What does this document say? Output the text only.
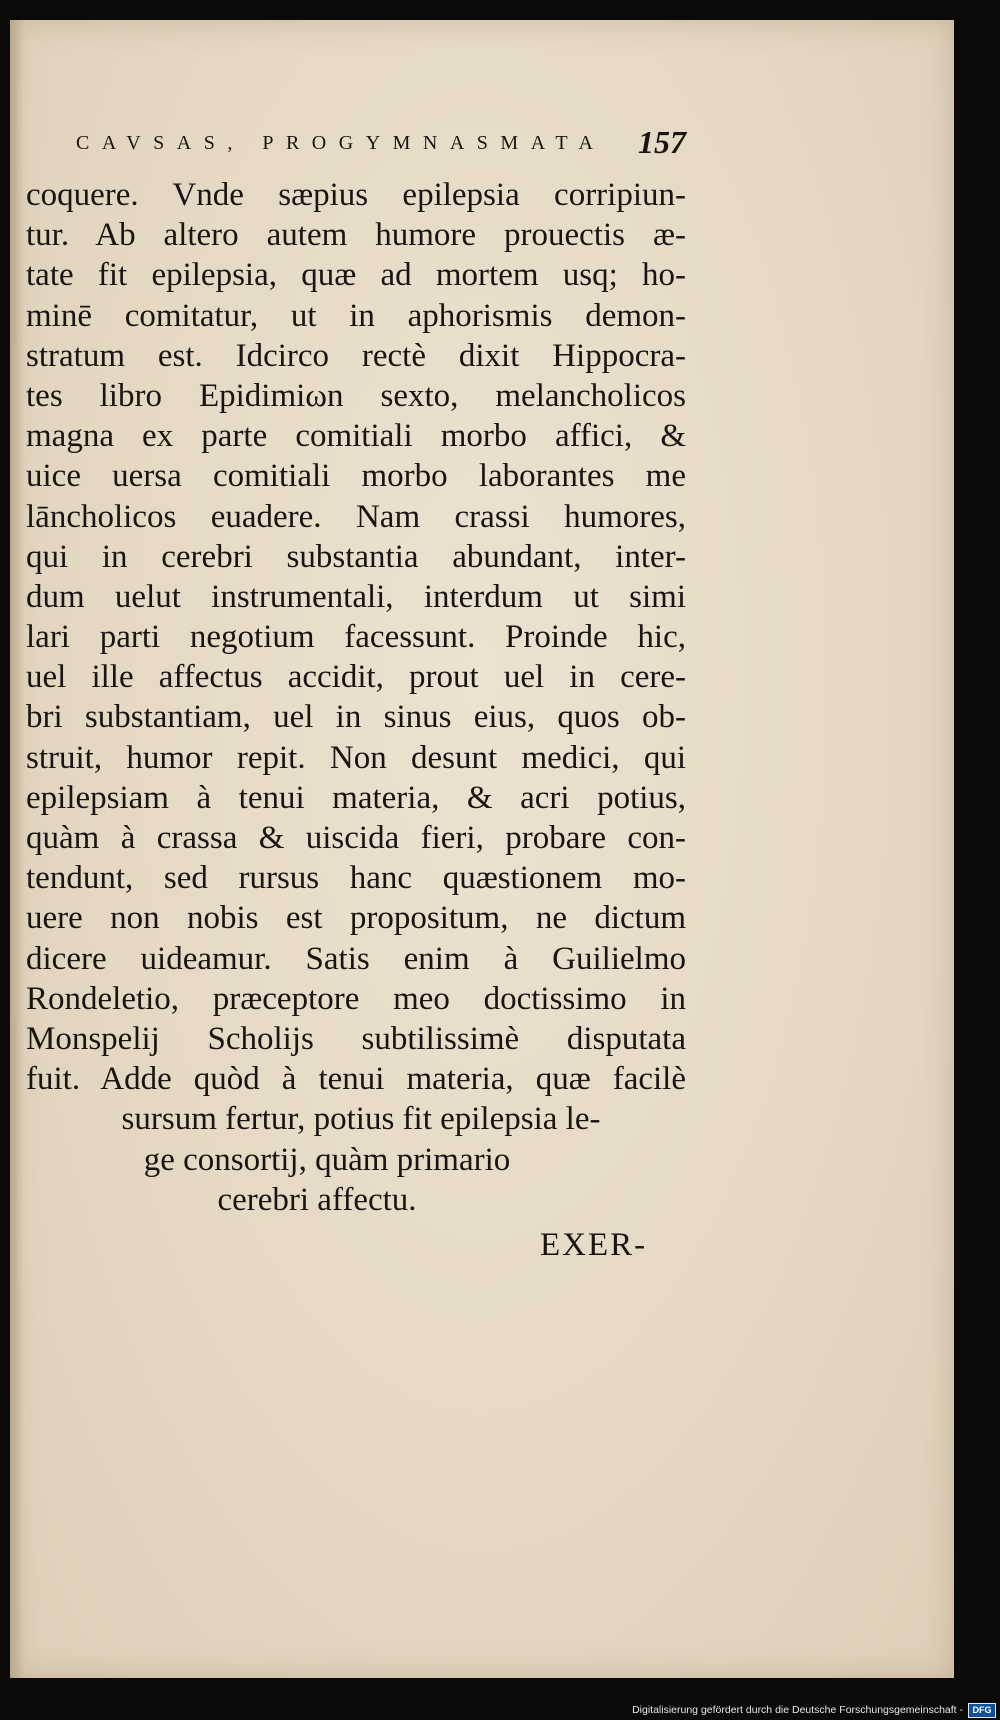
CAVSAS, PROGYMNASMATA 157
coquere. Vnde sæpius epilepsia corripiun-
tur. Ab altero autem humore prouectis æ-
tate fit epilepsia, quæ ad mortem usq; ho-
minē comitatur, ut in aphorismis demon-
stratum est. Idcirco rectè dixit Hippocra-
tes libro Epidimiωn sexto, melancholicos
magna ex parte comitiali morbo affici, &
uice uersa comitiali morbo laborantes me
lāncholicos euadere. Nam crassi humores,
qui in cerebri substantia abundant, inter-
dum uelut instrumentali, interdum ut simi
lari parti negotium facessunt. Proinde hic,
uel ille affectus accidit, prout uel in cere-
bri substantiam, uel in sinus eius, quos ob-
struit, humor repit. Non desunt medici, qui
epilepsiam à tenui materia, & acri potius,
quàm à crassa & uiscida fieri, probare con-
tendunt, sed rursus hanc quæstionem mo-
uere non nobis est propositum, ne dictum
dicere uideamur. Satis enim à Guilielmo
Rondeletio, præceptore meo doctissimo in
Monspelij Scholijs subtilissimè disputata
fuit. Adde quòd à tenui materia, quæ facilè
sursum fertur, potius fit epilepsia le-
ge consortij, quàm primario
cerebri affectu.
EXER-
Digitalisierung gefördert durch die Deutsche Forschungsgemeinschaft -	DFG
